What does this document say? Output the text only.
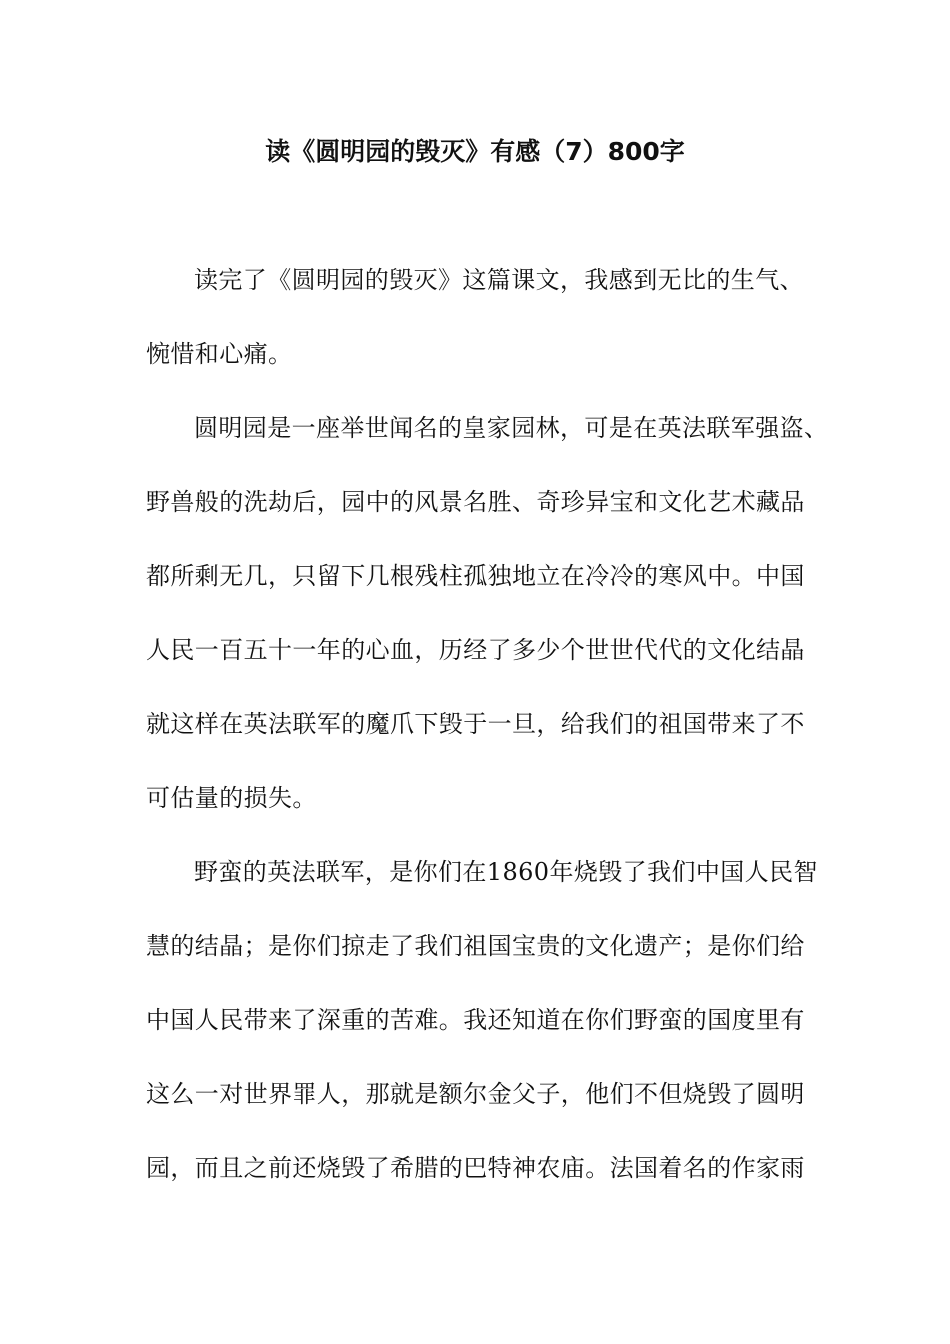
读《圆明园的毁灭》有感（7）800字
读完了《圆明园的毁灭》这篇课文，我感到无比的生气、
惋惜和心痛。
圆明园是一座举世闻名的皇家园林，可是在英法联军强盗、
野兽般的洗劫后，园中的风景名胜、奇珍异宝和文化艺术藏品
都所剩无几，只留下几根残柱孤独地立在冷冷的寒风中。中国
人民一百五十一年的心血，历经了多少个世世代代的文化结晶
就这样在英法联军的魔爪下毁于一旦，给我们的祖国带来了不
可估量的损失。
野蛮的英法联军，是你们在1860年烧毁了我们中国人民智
慧的结晶；是你们掠走了我们祖国宝贵的文化遗产；是你们给
中国人民带来了深重的苦难。我还知道在你们野蛮的国度里有
这么一对世界罪人，那就是额尔金父子，他们不但烧毁了圆明
园，而且之前还烧毁了希腊的巴特神农庙。法国着名的作家雨
